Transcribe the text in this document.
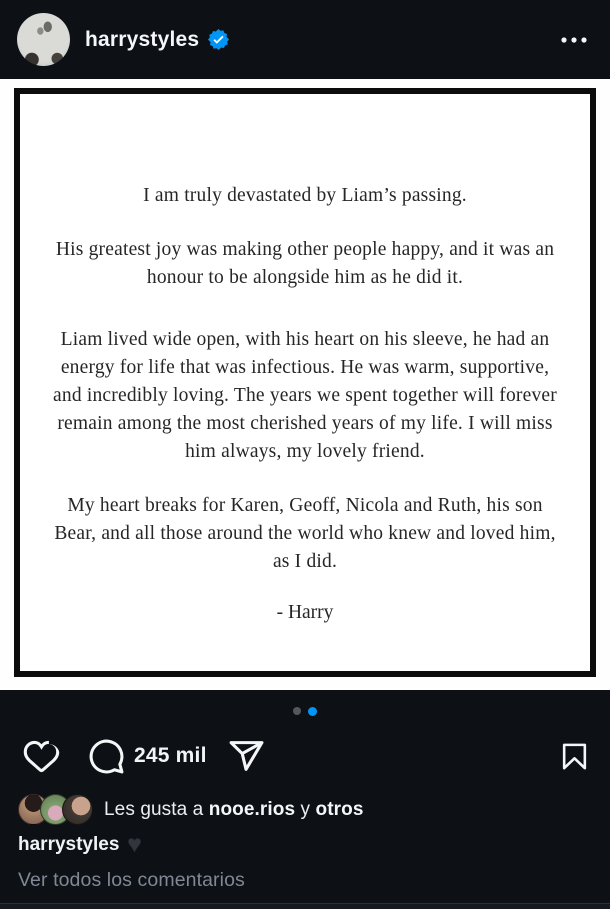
harrystyles

I am truly devastated by Liam’s passing.

His greatest joy was making other people happy, and it was an honour to be alongside him as he did it.

Liam lived wide open, with his heart on his sleeve, he had an energy for life that was infectious. He was warm, supportive, and incredibly loving. The years we spent together will forever remain among the most cherished years of my life. I will miss him always, my lovely friend.

My heart breaks for Karen, Geoff, Nicola and Ruth, his son Bear, and all those around the world who knew and loved him, as I did.

- Harry
245 mil
Les gusta a nooe.rios y otros
harrystyles ♥
Ver todos los comentarios
